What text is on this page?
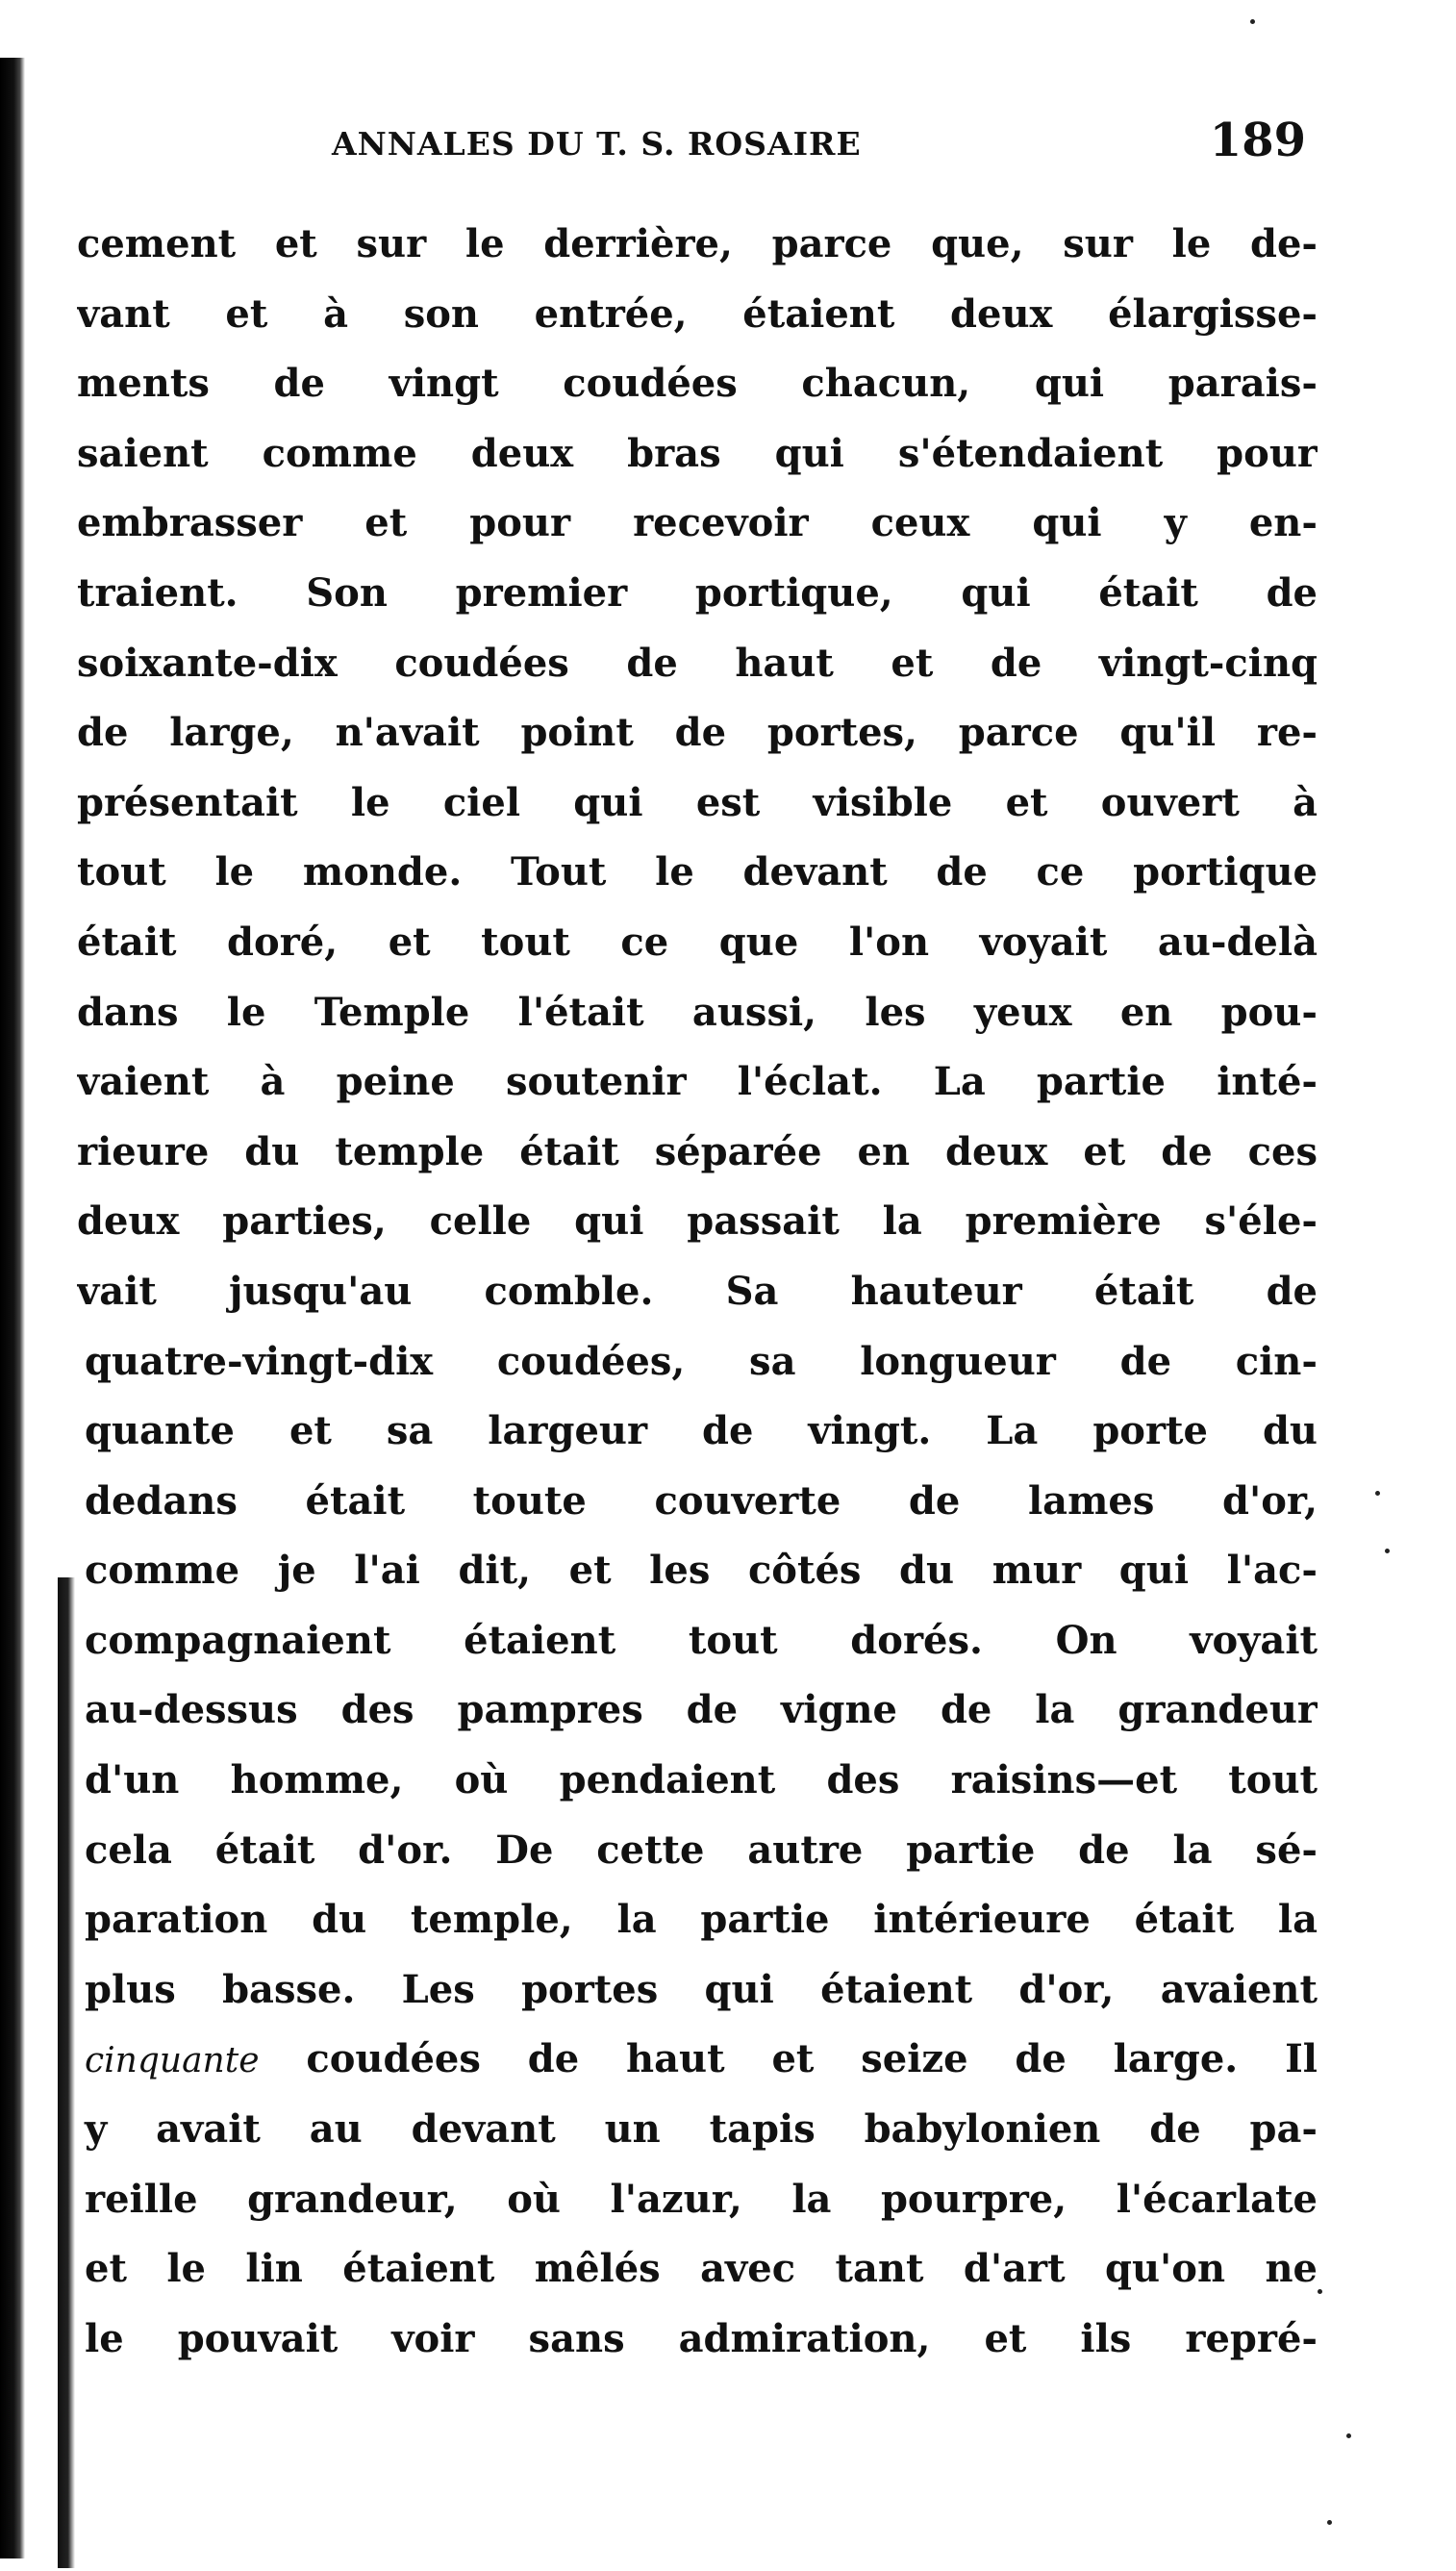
ANNALES DU T. S. ROSAIRE	189
cement et sur le derrière, parce que, sur le de-
vant et à son entrée, étaient deux élargisse-
ments de vingt coudées chacun, qui parais-
saient comme deux bras qui s'étendaient pour
embrasser et pour recevoir ceux qui y en-
traient. Son premier portique, qui était de
soixante-dix coudées de haut et de vingt-cinq
de large, n'avait point de portes, parce qu'il re-
présentait le ciel qui est visible et ouvert à
tout le monde. Tout le devant de ce portique
était doré, et tout ce que l'on voyait au-delà
dans le Temple l'était aussi, les yeux en pou-
vaient à peine soutenir l'éclat. La partie inté-
rieure du temple était séparée en deux et de ces
deux parties, celle qui passait la première s'éle-
vait jusqu'au comble. Sa hauteur était de
quatre-vingt-dix coudées, sa longueur de cin-
quante et sa largeur de vingt. La porte du
dedans était toute couverte de lames d'or,
comme je l'ai dit, et les côtés du mur qui l'ac-
compagnaient étaient tout dorés. On voyait
au-dessus des pampres de vigne de la grandeur
d'un homme, où pendaient des raisins—et tout
cela était d'or. De cette autre partie de la sé-
paration du temple, la partie intérieure était la
plus basse. Les portes qui étaient d'or, avaient
cinquante coudées de haut et seize de large. Il
y avait au devant un tapis babylonien de pa-
reille grandeur, où l'azur, la pourpre, l'écarlate
et le lin étaient mêlés avec tant d'art qu'on ne
le pouvait voir sans admiration, et ils repré-
